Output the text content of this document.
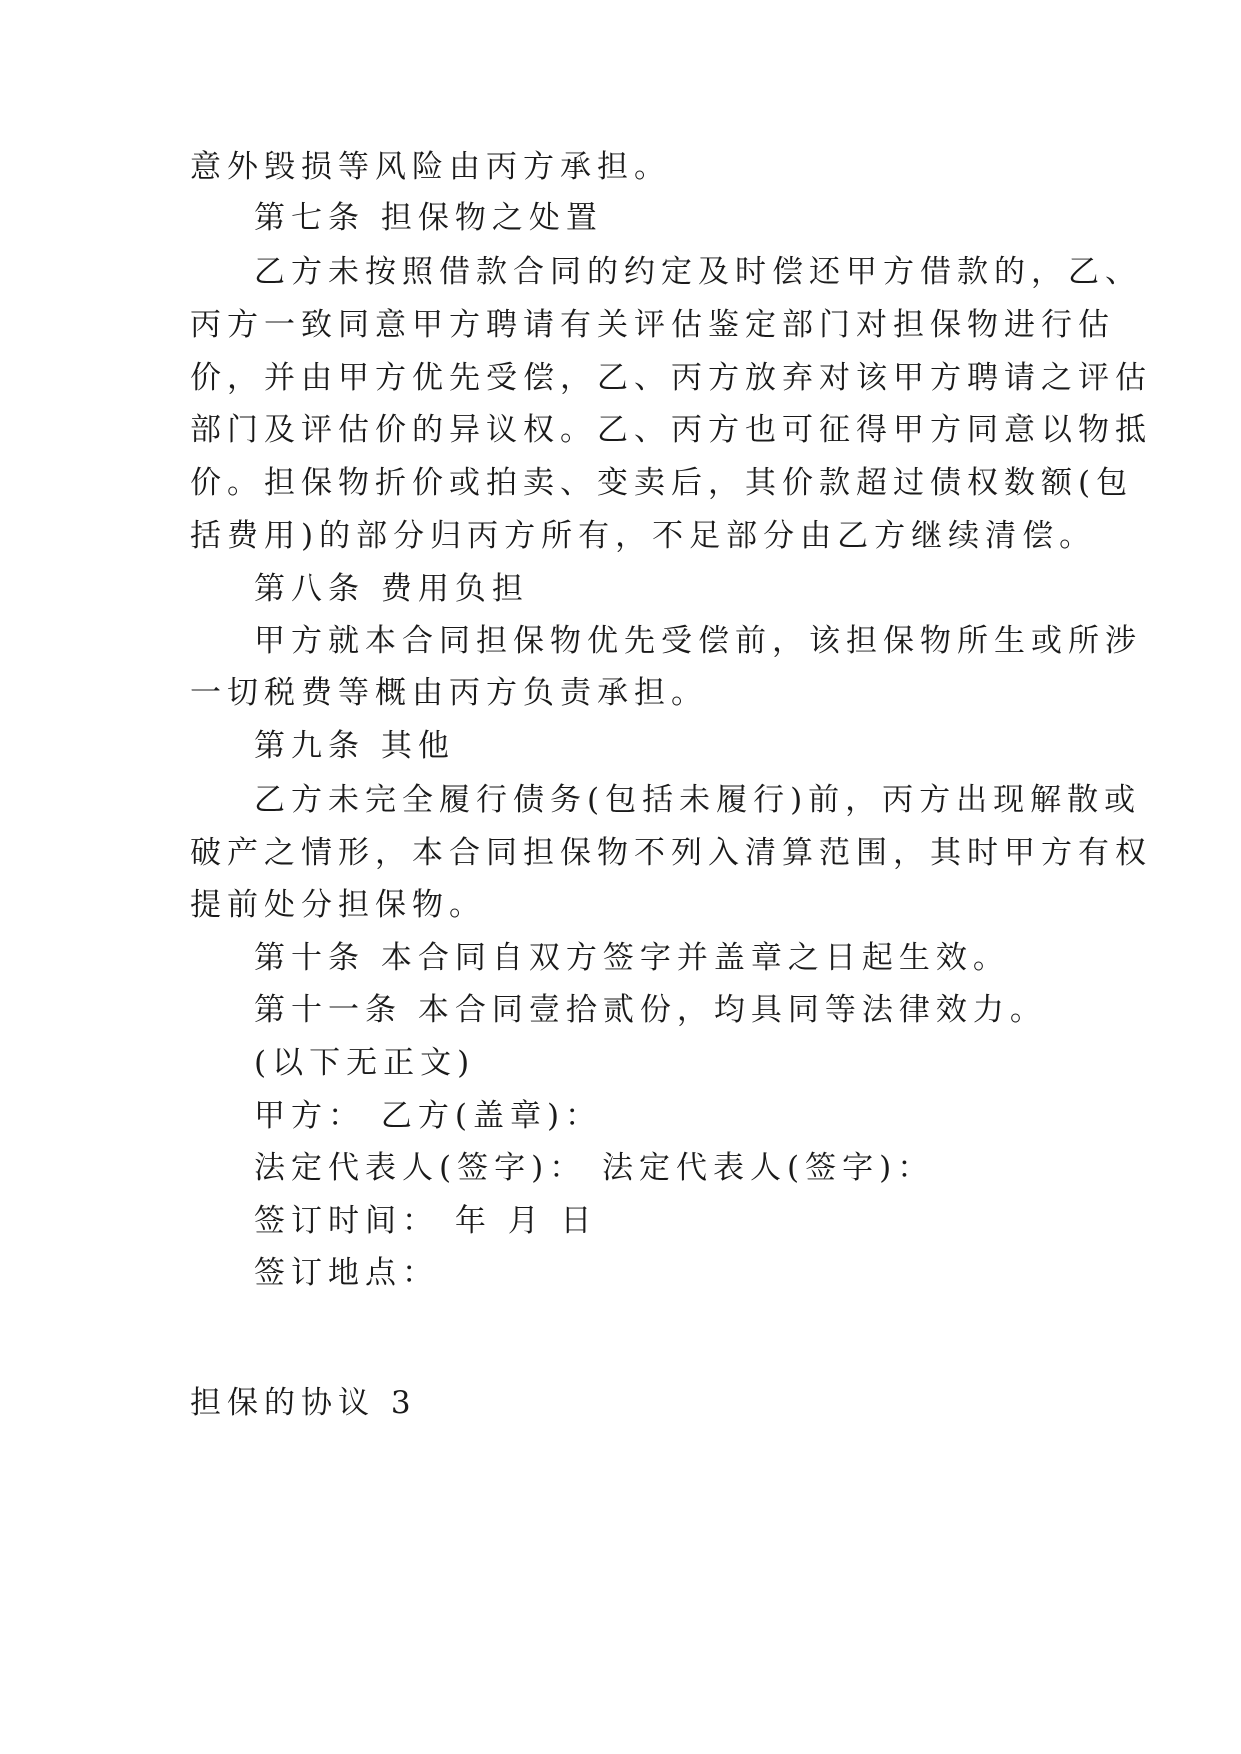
意外毁损等风险由丙方承担。
第七条 担保物之处置
乙方未按照借款合同的约定及时偿还甲方借款的，乙、
丙方一致同意甲方聘请有关评估鉴定部门对担保物进行估
价，并由甲方优先受偿，乙、丙方放弃对该甲方聘请之评估
部门及评估价的异议权。乙、丙方也可征得甲方同意以物抵
价。担保物折价或拍卖、变卖后，其价款超过债权数额(包
括费用)的部分归丙方所有，不足部分由乙方继续清偿。
第八条 费用负担
甲方就本合同担保物优先受偿前，该担保物所生或所涉
一切税费等概由丙方负责承担。
第九条 其他
乙方未完全履行债务(包括未履行)前，丙方出现解散或
破产之情形，本合同担保物不列入清算范围，其时甲方有权
提前处分担保物。
第十条 本合同自双方签字并盖章之日起生效。
第十一条 本合同壹拾贰份，均具同等法律效力。
(以下无正文)
甲方： 乙方(盖章)：
法定代表人(签字)： 法定代表人(签字)：
签订时间： 年 月 日
签订地点：
担保的协议 3
